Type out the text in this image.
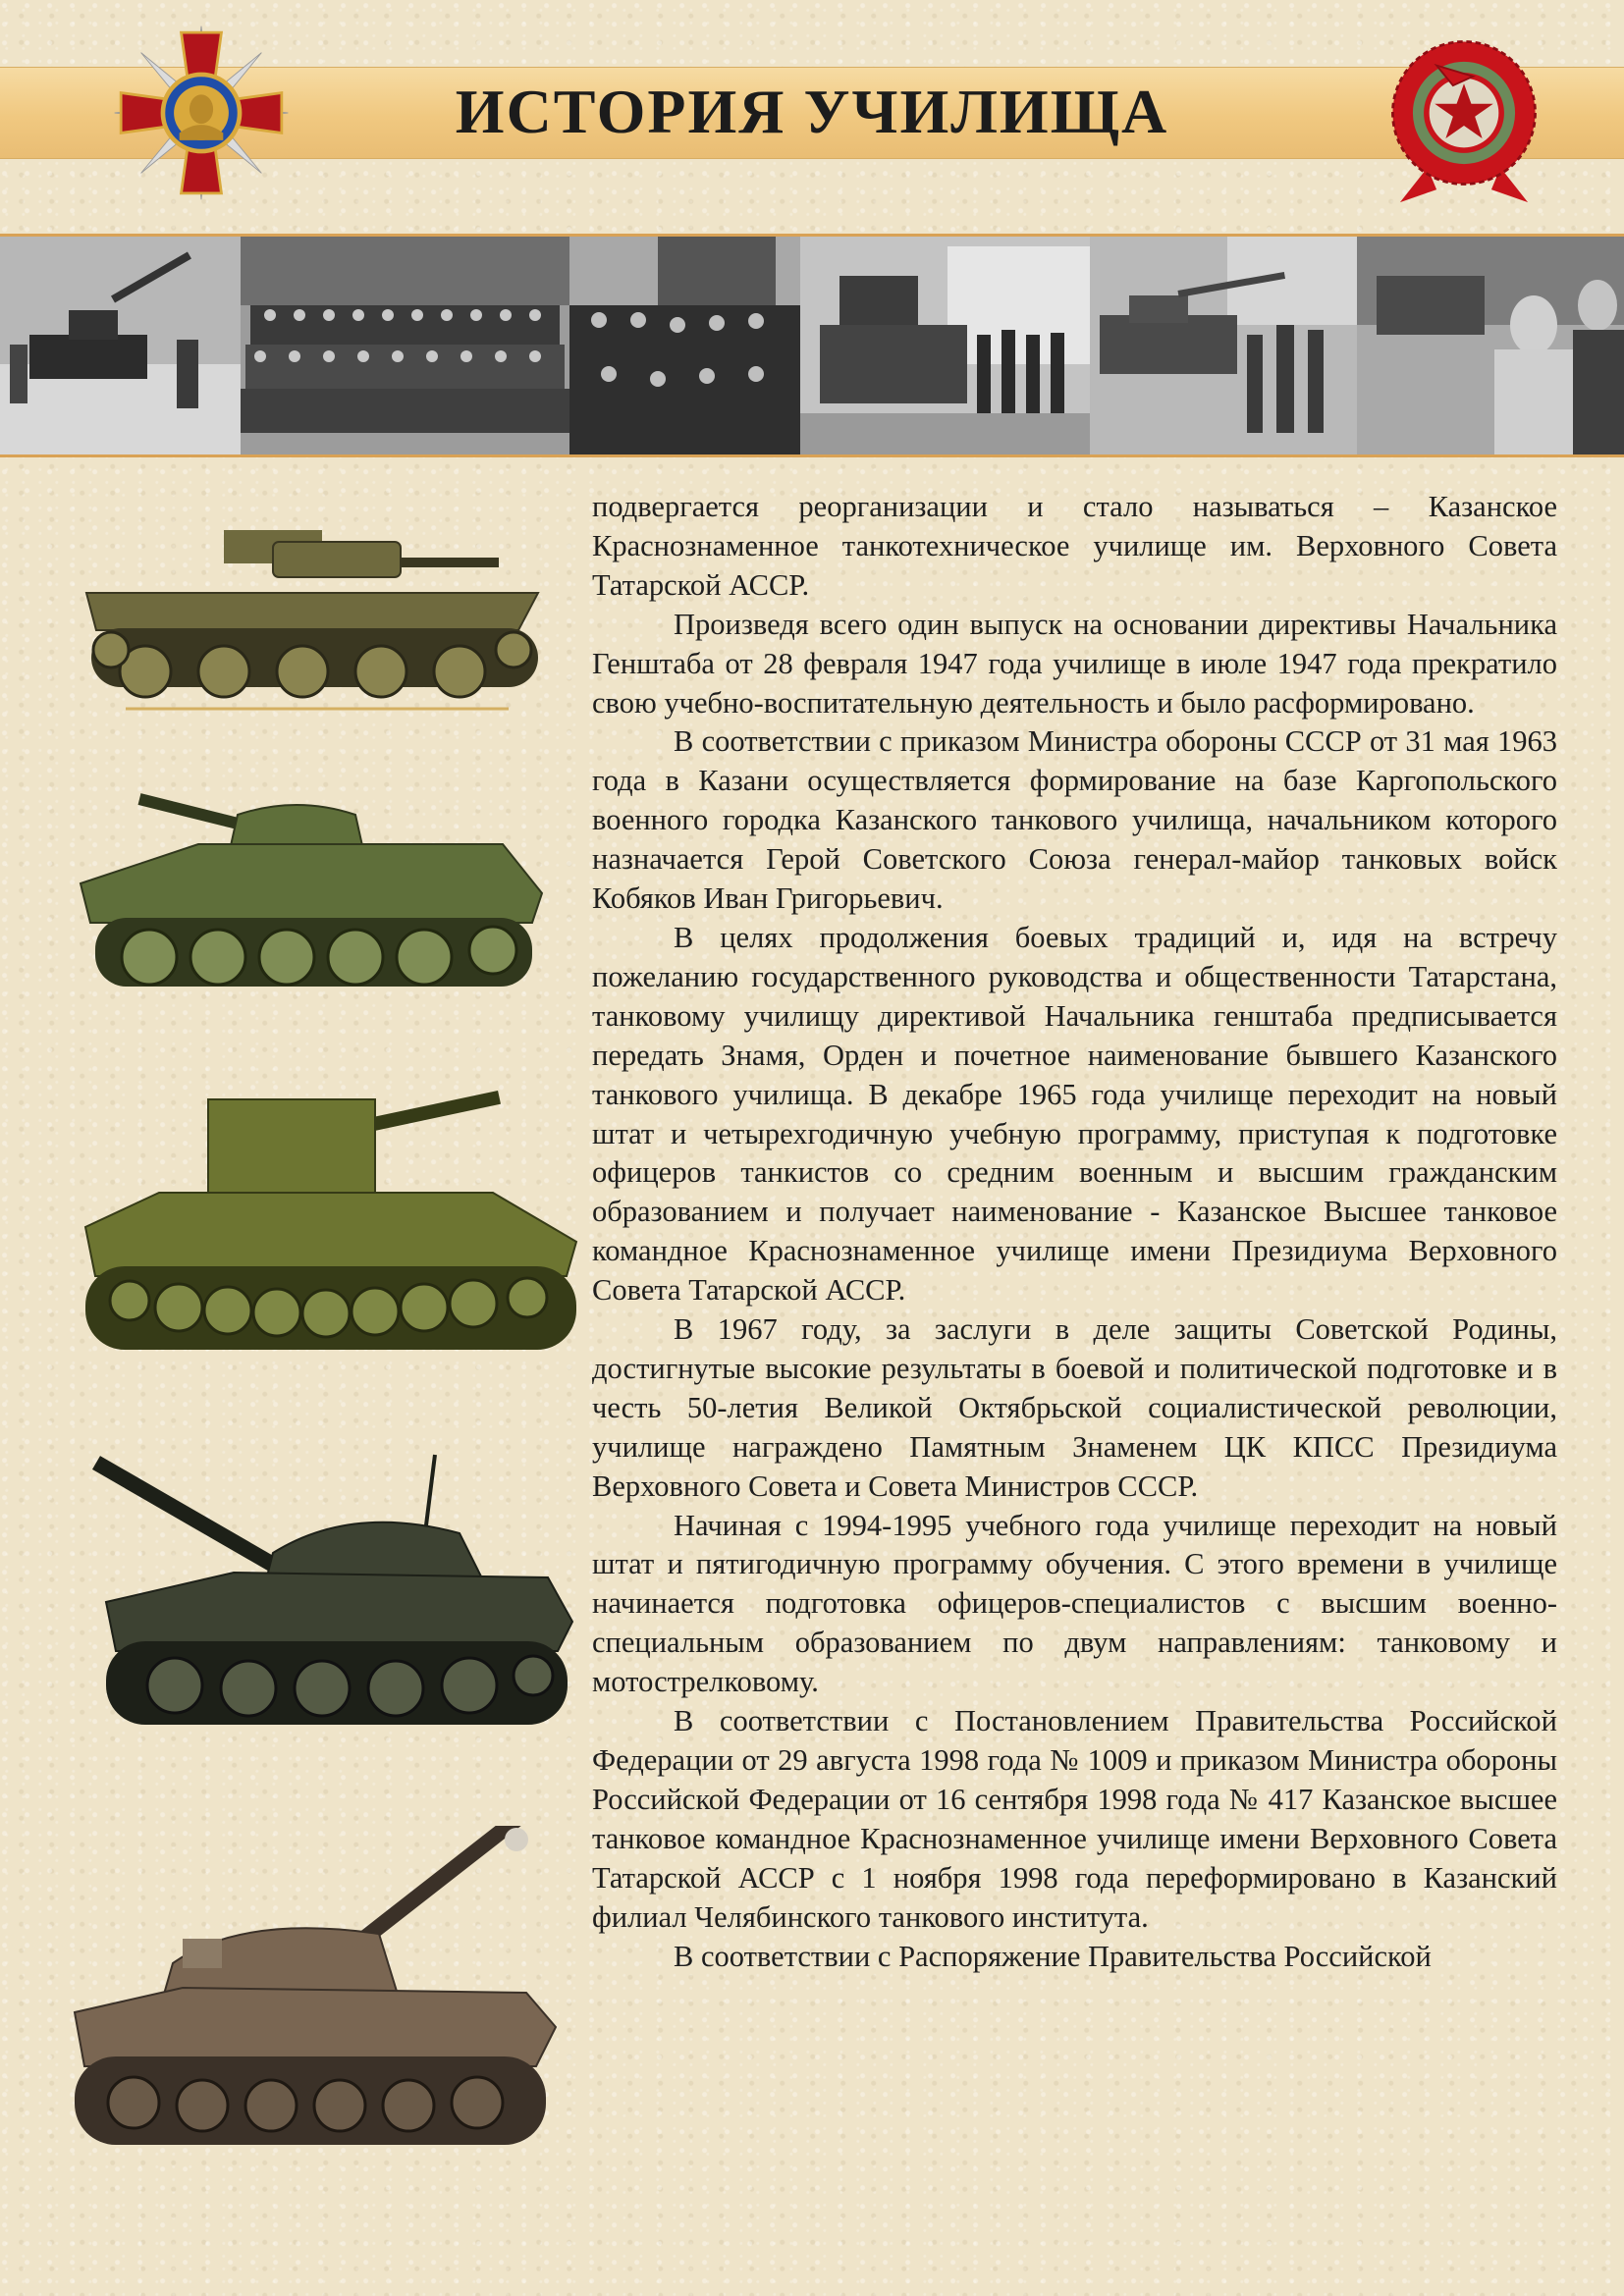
ИСТОРИЯ УЧИЛИЩА

подвергается реорганизации и стало называться – Казанское Краснознаменное танкотехническое училище им. Верховного Совета Татарской АССР.

Произведя всего один выпуск на основании директивы Начальника Генштаба от 28 февраля 1947 года училище в июле 1947 года прекратило свою учебно-воспитательную деятельность и было расформировано.

В соответствии с приказом Министра обороны СССР от 31 мая 1963 года в Казани осуществляется формирование на базе Каргопольского военного городка Казанского танкового училища, начальником которого назначается Герой Советского Союза генерал-майор танковых войск Кобяков Иван Григорьевич.

В целях продолжения боевых традиций и, идя на встречу пожеланию государственного руководства и общественности Татарстана, танковому училищу директивой Начальника генштаба предписывается передать Знамя, Орден и почетное наименование бывшего Казанского танкового училища. В декабре 1965 года училище переходит на новый штат и четырехгодичную учебную программу, приступая к подготовке офицеров танкистов со средним военным и высшим гражданским образованием и получает наименование - Казанское Высшее танковое командное Краснознаменное училище имени Президиума Верховного Совета Татарской АССР.

В 1967 году, за заслуги в деле защиты Советской Родины, достигнутые высокие результаты в боевой и политической подготовке и в честь 50-летия Великой Октябрьской социалистической революции, училище награждено Памятным Знаменем ЦК КПСС Президиума Верховного Совета и Совета Министров СССР.

Начиная с 1994-1995 учебного года училище переходит на новый штат и пятигодичную программу обучения. С этого времени в училище начинается подготовка офицеров-специалистов с высшим военно-специальным образованием по двум направлениям: танковому и мотострелковому.

В соответствии с Постановлением Правительства Российской Федерации от 29 августа 1998 года № 1009 и приказом Министра обороны Российской Федерации от 16 сентября 1998 года № 417 Казанское высшее танковое командное Краснознаменное училище имени Верховного Совета Татарской АССР с 1 ноября 1998 года переформировано в Казанский филиал Челябинского танкового института.

В соответствии с Распоряжение Правительства Российской
